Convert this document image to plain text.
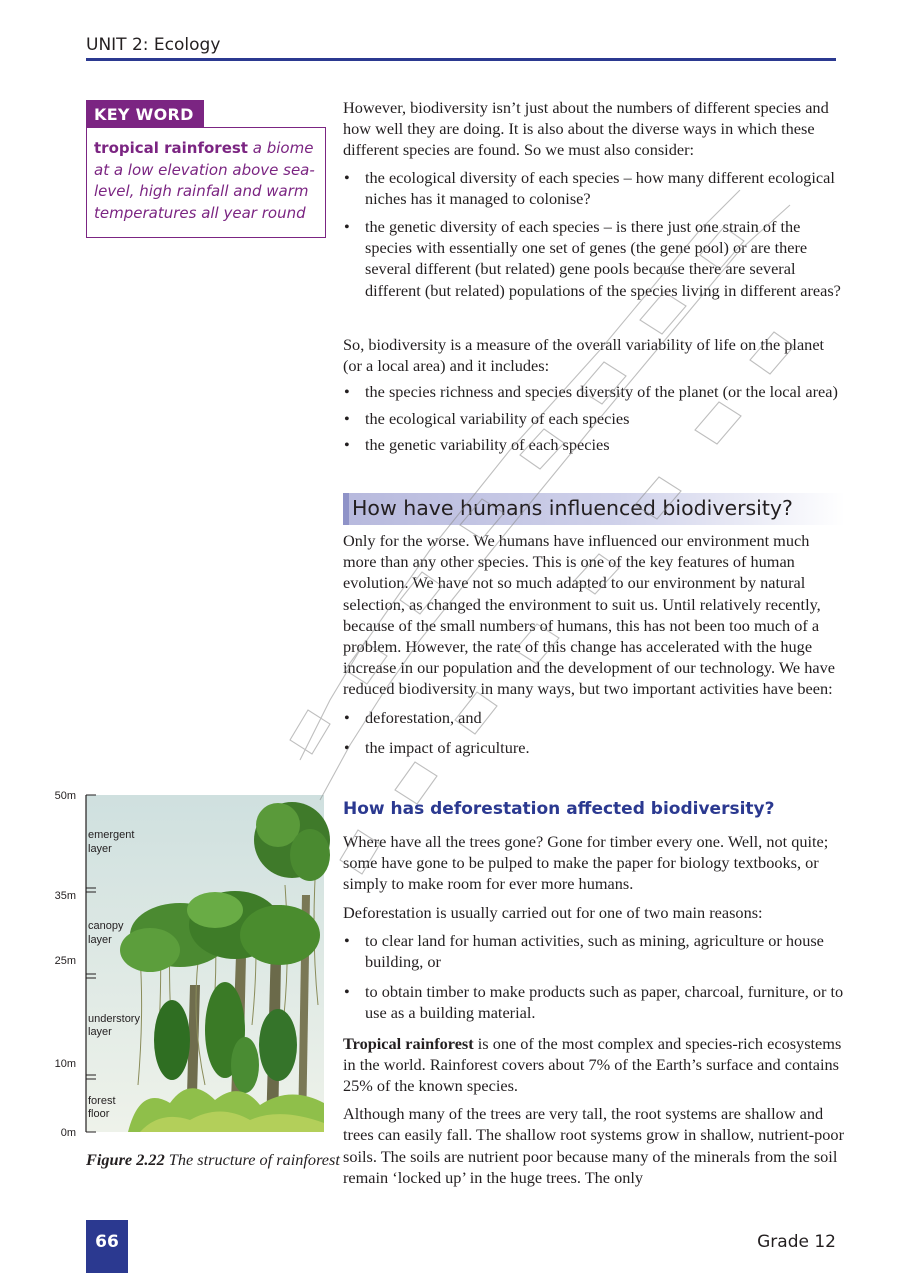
UNIT 2: Ecology
KEY WORD
tropical rainforest a biome at a low elevation above sea-level, high rainfall and warm temperatures all year round

However, biodiversity isn’t just about the numbers of different species and how well they are doing. It is also about the diverse ways in which these different species are found. So we must also consider:

• the ecological diversity of each species – how many different ecological niches has it managed to colonise?
• the genetic diversity of each species – is there just one strain of the species with essentially one set of genes (the gene pool) or are there several different (but related) gene pools because there are several different (but related) populations of the species living in different areas?

So, biodiversity is a measure of the overall variability of life on the planet (or a local area) and it includes:

• the species richness and species diversity of the planet (or the local area)
• the ecological variability of each species
• the genetic variability of each species
How have humans influenced biodiversity?

Only for the worse. We humans have influenced our environment much more than any other species. This is one of the key features of human evolution. We have not so much adapted to our environment by natural selection, as changed the environment to suit us. Until relatively recently, because of the small numbers of humans, this has not been too much of a problem. However, the rate of this change has accelerated with the huge increase in our population and the development of our technology. We have reduced biodiversity in many ways, but two important activities have been:

• deforestation, and
• the impact of agriculture.
How has deforestation affected biodiversity?

Where have all the trees gone? Gone for timber every one. Well, not quite; some have gone to be pulped to make the paper for biology textbooks, or simply to make room for ever more humans.

Deforestation is usually carried out for one of two main reasons:

• to clear land for human activities, such as mining, agriculture or house building, or
• to obtain timber to make products such as paper, charcoal, furniture, or to use as a building material.

Tropical rainforest is one of the most complex and species-rich ecosystems in the world. Rainforest covers about 7% of the Earth’s surface and contains 25% of the known species.

Although many of the trees are very tall, the root systems are shallow and trees can easily fall. The shallow root systems grow in shallow, nutrient-poor soils. The soils are nutrient poor because many of the minerals from the soil remain ‘locked up’ in the huge trees. The only

50m
35m
25m
10m
0m
emergent
layer
canopy
layer
understory
layer
forest
floor
Figure 2.22 The structure of rainforest
66	Grade 12
